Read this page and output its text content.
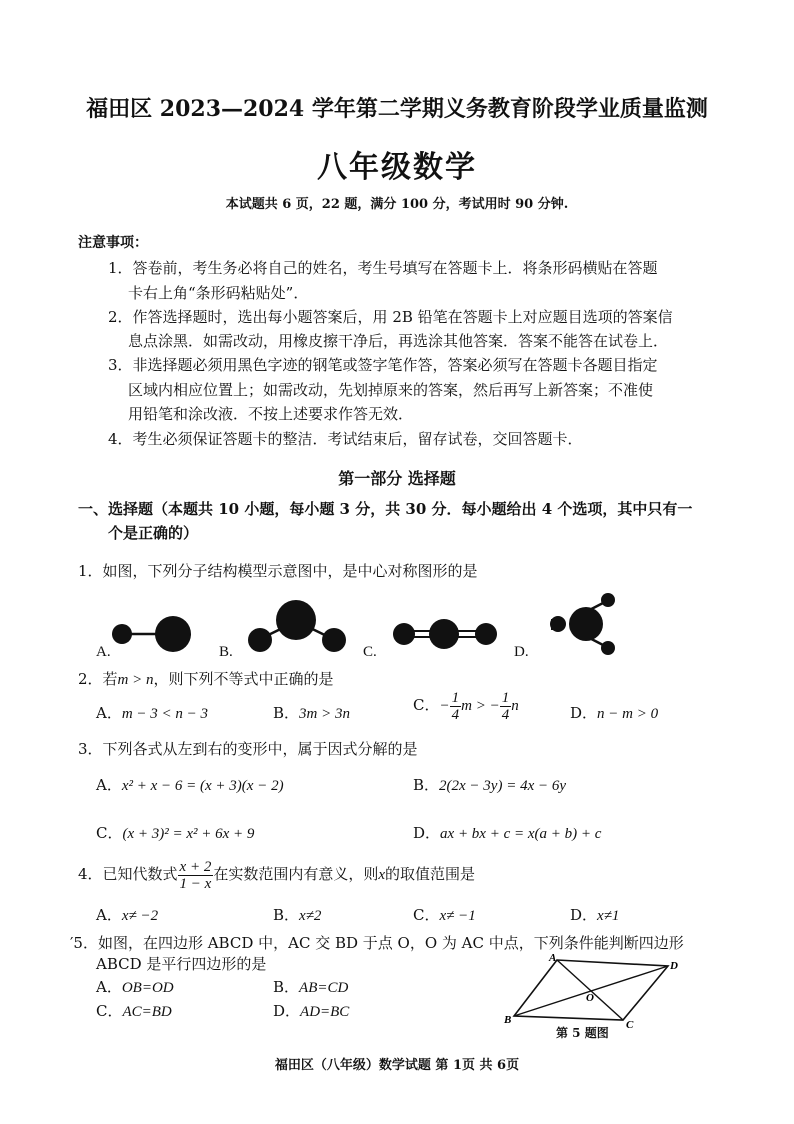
福田区 2023—2024 学年第二学期义务教育阶段学业质量监测
八年级数学
本试题共 6 页，22 题，满分 100 分，考试用时 90 分钟.
注意事项：
1．答卷前，考生务必将自己的姓名，考生号填写在答题卡上．将条形码横贴在答题
卡右上角“条形码粘贴处”．
2．作答选择题时，选出每小题答案后，用 2B 铅笔在答题卡上对应题目选项的答案信
息点涂黑．如需改动，用橡皮擦干净后，再选涂其他答案．答案不能答在试卷上．
3．非选择题必须用黑色字迹的钢笔或签字笔作答，答案必须写在答题卡各题目指定
区域内相应位置上；如需改动，先划掉原来的答案，然后再写上新答案；不准使
用铅笔和涂改液．不按上述要求作答无效．
4．考生必须保证答题卡的整洁．考试结束后，留存试卷，交回答题卡．
第一部分 选择题
一、选择题（本题共 10 小题，每小题 3 分，共 30 分．每小题给出 4 个选项，其中只有一
个是正确的）
1．如图，下列分子结构模型示意图中，是中心对称图形的是
A.	B.	C.	D.
2．若m > n，则下列不等式中正确的是
A．m − 3 < n − 3	B．3m > 3n	C．− $\frac{1}{4}$ m > − $\frac{1}{4}$ n	D．n − m > 0
3．下列各式从左到右的变形中，属于因式分解的是
A．x² + x − 6 = (x + 3)(x − 2)	B．2(2x − 3y) = 4x − 6y
C．(x + 3)² = x² + 6x + 9	D．ax + bx + c = x(a + b) + c
4．已知代数式 $\frac{x + 2}{1 - x}$ 在实数范围内有意义，则x的取值范围是
A．x≠ −2	B．x≠2	C．x≠ −1	D．x≠1
′5．如图，在四边形 ABCD 中，AC 交 BD 于点 O，O 为 AC 中点，下列条件能判断四边形
ABCD 是平行四边形的是
A．OB=OD	B．AB=CD
C．AC=BD	D．AD=BC
A
D
B	C
O
第 5 题图
福田区（八年级）数学试题 第 1页 共 6页
